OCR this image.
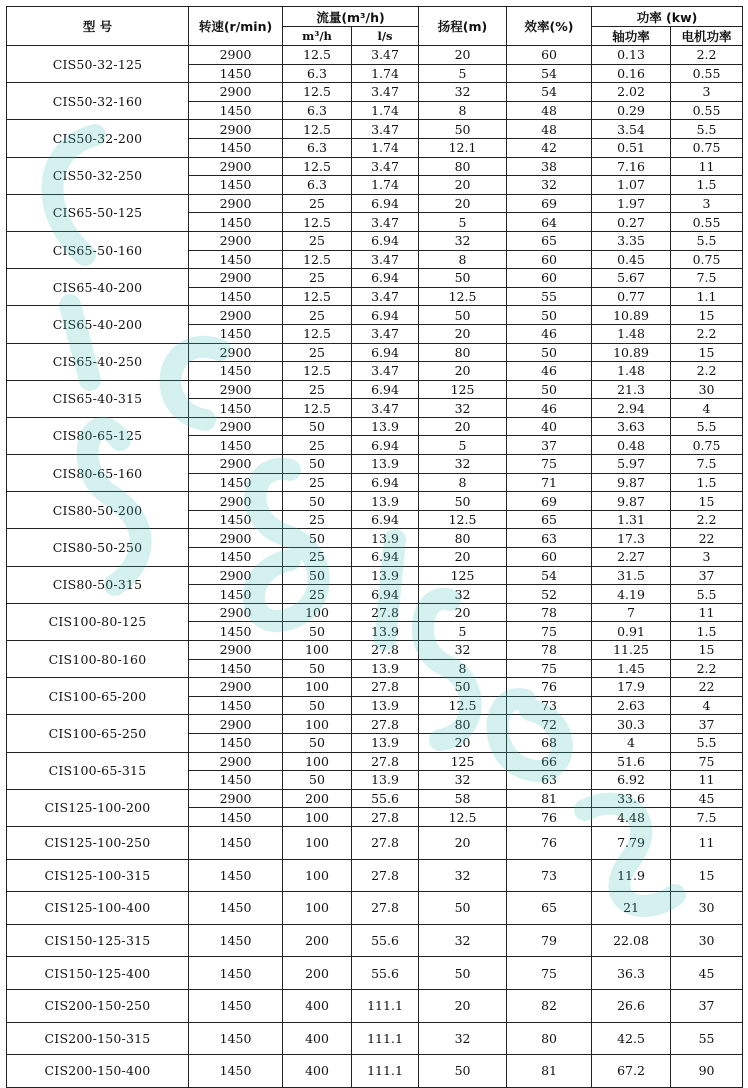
型 号	转速(r/min)	流量(m³/h)		扬程(m)	效率(%)	功率 (kw)	
		m³/h	l/s			轴功率	电机功率
CIS50-32-125	2900	12.5	3.47	20	60	0.13	2.2
	1450	6.3	1.74	5	54	0.16	0.55
CIS50-32-160	2900	12.5	3.47	32	54	2.02	3
	1450	6.3	1.74	8	48	0.29	0.55
CIS50-32-200	2900	12.5	3.47	50	48	3.54	5.5
	1450	6.3	1.74	12.1	42	0.51	0.75
CIS50-32-250	2900	12.5	3.47	80	38	7.16	11
	1450	6.3	1.74	20	32	1.07	1.5
CIS65-50-125	2900	25	6.94	20	69	1.97	3
	1450	12.5	3.47	5	64	0.27	0.55
CIS65-50-160	2900	25	6.94	32	65	3.35	5.5
	1450	12.5	3.47	8	60	0.45	0.75
CIS65-40-200	2900	25	6.94	50	60	5.67	7.5
	1450	12.5	3.47	12.5	55	0.77	1.1
CIS65-40-200	2900	25	6.94	50	50	10.89	15
	1450	12.5	3.47	20	46	1.48	2.2
CIS65-40-250	2900	25	6.94	80	50	10.89	15
	1450	12.5	3.47	20	46	1.48	2.2
CIS65-40-315	2900	25	6.94	125	50	21.3	30
	1450	12.5	3.47	32	46	2.94	4
CIS80-65-125	2900	50	13.9	20	40	3.63	5.5
	1450	25	6.94	5	37	0.48	0.75
CIS80-65-160	2900	50	13.9	32	75	5.97	7.5
	1450	25	6.94	8	71	9.87	1.5
CIS80-50-200	2900	50	13.9	50	69	9.87	15
	1450	25	6.94	12.5	65	1.31	2.2
CIS80-50-250	2900	50	13.9	80	63	17.3	22
	1450	25	6.94	20	60	2.27	3
CIS80-50-315	2900	50	13.9	125	54	31.5	37
	1450	25	6.94	32	52	4.19	5.5
CIS100-80-125	2900	100	27.8	20	78	7	11
	1450	50	13.9	5	75	0.91	1.5
CIS100-80-160	2900	100	27.8	32	78	11.25	15
	1450	50	13.9	8	75	1.45	2.2
CIS100-65-200	2900	100	27.8	50	76	17.9	22
	1450	50	13.9	12.5	73	2.63	4
CIS100-65-250	2900	100	27.8	80	72	30.3	37
	1450	50	13.9	20	68	4	5.5
CIS100-65-315	2900	100	27.8	125	66	51.6	75
	1450	50	13.9	32	63	6.92	11
CIS125-100-200	2900	200	55.6	58	81	33.6	45
	1450	100	27.8	12.5	76	4.48	7.5
CIS125-100-250	1450	100	27.8	20	76	7.79	11
CIS125-100-315	1450	100	27.8	32	73	11.9	15
CIS125-100-400	1450	100	27.8	50	65	21	30
CIS150-125-315	1450	200	55.6	32	79	22.08	30
CIS150-125-400	1450	200	55.6	50	75	36.3	45
CIS200-150-250	1450	400	111.1	20	82	26.6	37
CIS200-150-315	1450	400	111.1	32	80	42.5	55
CIS200-150-400	1450	400	111.1	50	81	67.2	90
